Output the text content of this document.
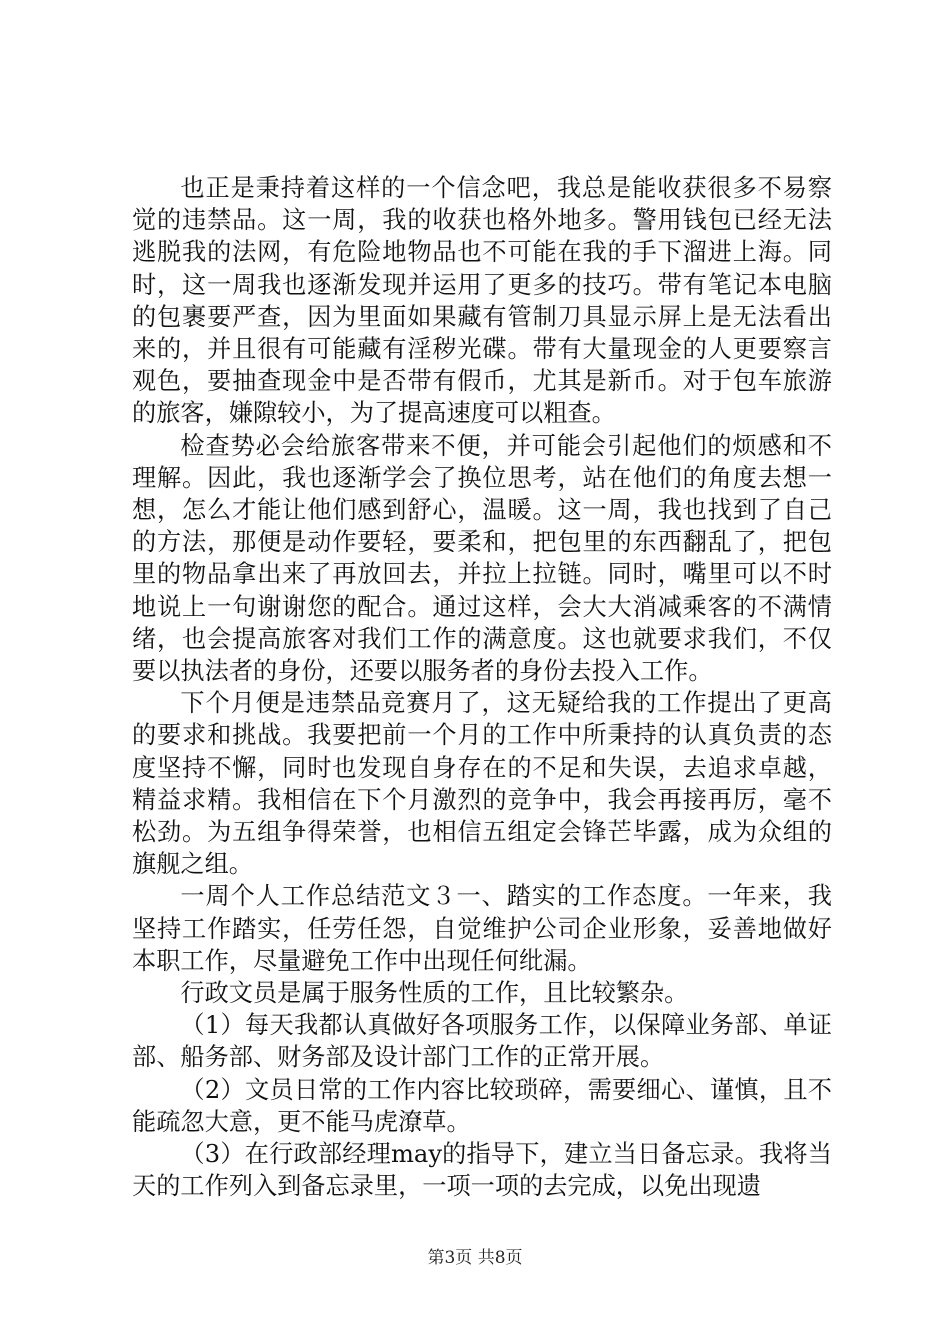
也正是秉持着这样的一个信念吧，我总是能收获很多不易察觉的违禁品。这一周，我的收获也格外地多。警用钱包已经无法逃脱我的法网，有危险地物品也不可能在我的手下溜进上海。同时，这一周我也逐渐发现并运用了更多的技巧。带有笔记本电脑的包裹要严查，因为里面如果藏有管制刀具显示屏上是无法看出来的，并且很有可能藏有淫秽光碟。带有大量现金的人更要察言观色，要抽查现金中是否带有假币，尤其是新币。对于包车旅游的旅客，嫌隙较小，为了提高速度可以粗查。

检查势必会给旅客带来不便，并可能会引起他们的烦感和不理解。因此，我也逐渐学会了换位思考，站在他们的角度去想一想，怎么才能让他们感到舒心，温暖。这一周，我也找到了自己的方法，那便是动作要轻，要柔和，把包里的东西翻乱了，把包里的物品拿出来了再放回去，并拉上拉链。同时，嘴里可以不时地说上一句谢谢您的配合。通过这样，会大大消减乘客的不满情绪，也会提高旅客对我们工作的满意度。这也就要求我们，不仅要以执法者的身份，还要以服务者的身份去投入工作。

下个月便是违禁品竞赛月了，这无疑给我的工作提出了更高的要求和挑战。我要把前一个月的工作中所秉持的认真负责的态度坚持不懈，同时也发现自身存在的不足和失误，去追求卓越，精益求精。我相信在下个月激烈的竞争中，我会再接再厉，毫不松劲。为五组争得荣誉，也相信五组定会锋芒毕露，成为众组的旗舰之组。

一周个人工作总结范文３一、踏实的工作态度。一年来，我坚持工作踏实，任劳任怨，自觉维护公司企业形象，妥善地做好本职工作，尽量避免工作中出现任何纰漏。

行政文员是属于服务性质的工作，且比较繁杂。

（1）每天我都认真做好各项服务工作，以保障业务部、单证部、船务部、财务部及设计部门工作的正常开展。

（2）文员日常的工作内容比较琐碎，需要细心、谨慎，且不能疏忽大意，更不能马虎潦草。

（3）在行政部经理may的指导下，建立当日备忘录。我将当天的工作列入到备忘录里，一项一项的去完成，以免出现遗

第3页 共8页
